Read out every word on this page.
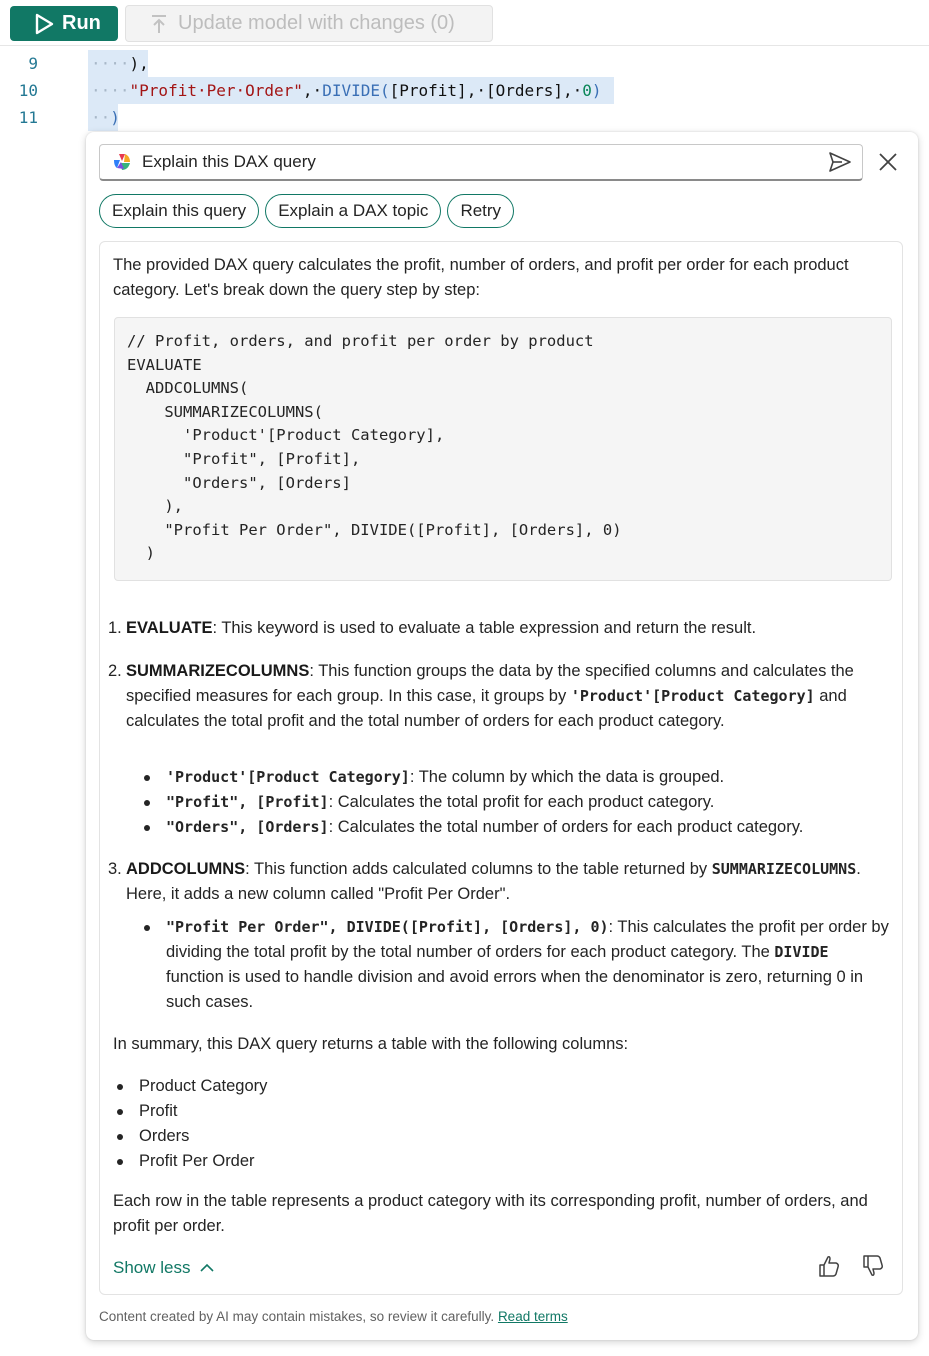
Run	Update model with changes (0)
9	····),
10	····"Profit·Per·Order",·DIVIDE([Profit],·[Orders],·0)
11	··)
Explain this DAX query
Explain this query	Explain a DAX topic	Retry
The provided DAX query calculates the profit, number of orders, and profit per order for each product category. Let's break down the query step by step:
// Profit, orders, and profit per order by product
EVALUATE
ADDCOLUMNS(
SUMMARIZECOLUMNS(
'Product'[Product Category],
"Profit", [Profit],
"Orders", [Orders]
),
"Profit Per Order", DIVIDE([Profit], [Orders], 0)
)
1. EVALUATE: This keyword is used to evaluate a table expression and return the result.
2. SUMMARIZECOLUMNS: This function groups the data by the specified columns and calculates the specified measures for each group. In this case, it groups by 'Product'[Product Category] and calculates the total profit and the total number of orders for each product category.
'Product'[Product Category]: The column by which the data is grouped.
"Profit", [Profit]: Calculates the total profit for each product category.
"Orders", [Orders]: Calculates the total number of orders for each product category.
3. ADDCOLUMNS: This function adds calculated columns to the table returned by SUMMARIZECOLUMNS. Here, it adds a new column called "Profit Per Order".
"Profit Per Order", DIVIDE([Profit], [Orders], 0): This calculates the profit per order by dividing the total profit by the total number of orders for each product category. The DIVIDE function is used to handle division and avoid errors when the denominator is zero, returning 0 in such cases.
In summary, this DAX query returns a table with the following columns:
Product Category
Profit
Orders
Profit Per Order
Each row in the table represents a product category with its corresponding profit, number of orders, and profit per order.
Show less
Content created by AI may contain mistakes, so review it carefully. Read terms
